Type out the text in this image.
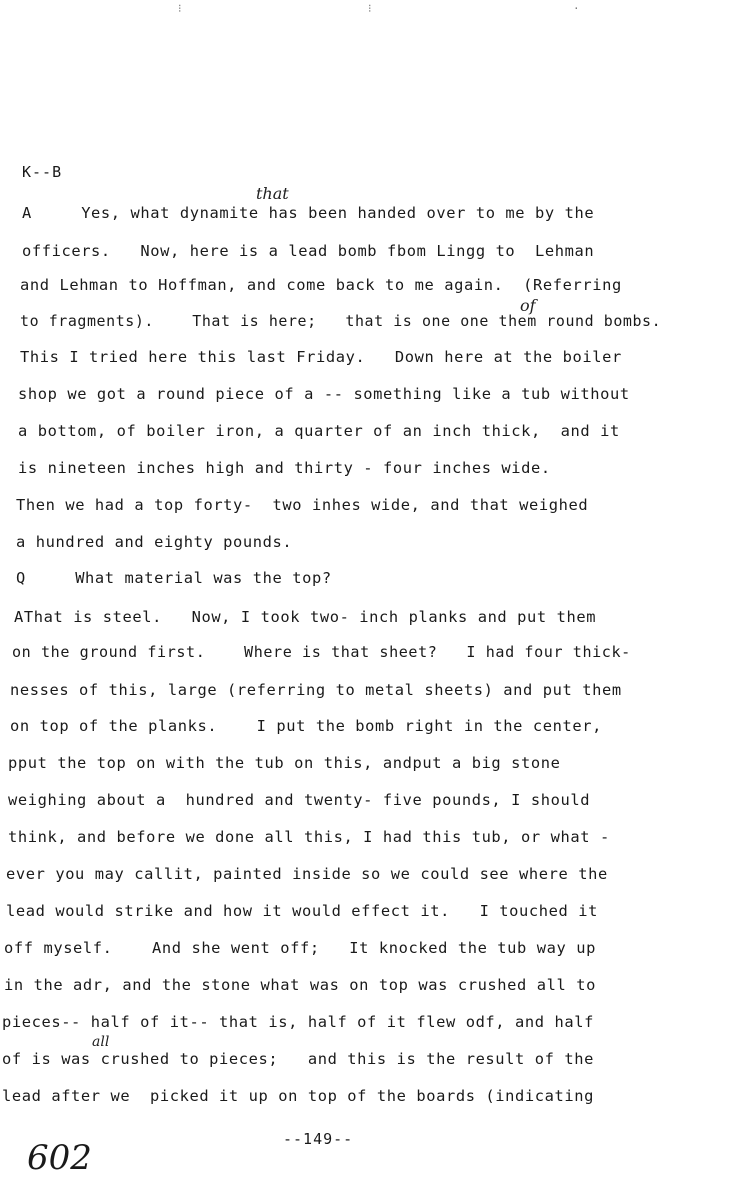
⁝	⁝	·
K--B
that
of
all
A     Yes, what dynamite has been handed over to me by the
officers.   Now, here is a lead bomb fbom Lingg to  Lehman
and Lehman to Hoffman, and come back to me again.  (Referring
to fragments).    That is here;   that is one one them round bombs.
This I tried here this last Friday.   Down here at the boiler
shop we got a round piece of a -- something like a tub without
a bottom, of boiler iron, a quarter of an inch thick,  and it
is nineteen inches high and thirty - four inches wide.
Then we had a top forty-  two inhes wide, and that weighed
a hundred and eighty pounds.
Q     What material was the top?
AThat is steel.   Now, I took two- inch planks and put them
on the ground first.    Where is that sheet?   I had four thick-
nesses of this, large (referring to metal sheets) and put them
on top of the planks.    I put the bomb right in the center,
pput the top on with the tub on this, andput a big stone
weighing about a  hundred and twenty- five pounds, I should
think, and before we done all this, I had this tub, or what -
ever you may callit, painted inside so we could see where the
lead would strike and how it would effect it.   I touched it
off myself.    And she went off;   It knocked the tub way up
in the adr, and the stone what was on top was crushed all to
pieces-- half of it-- that is, half of it flew odf, and half
of is was crushed to pieces;   and this is the result of the
lead after we  picked it up on top of the boards (indicating
--149--
602
